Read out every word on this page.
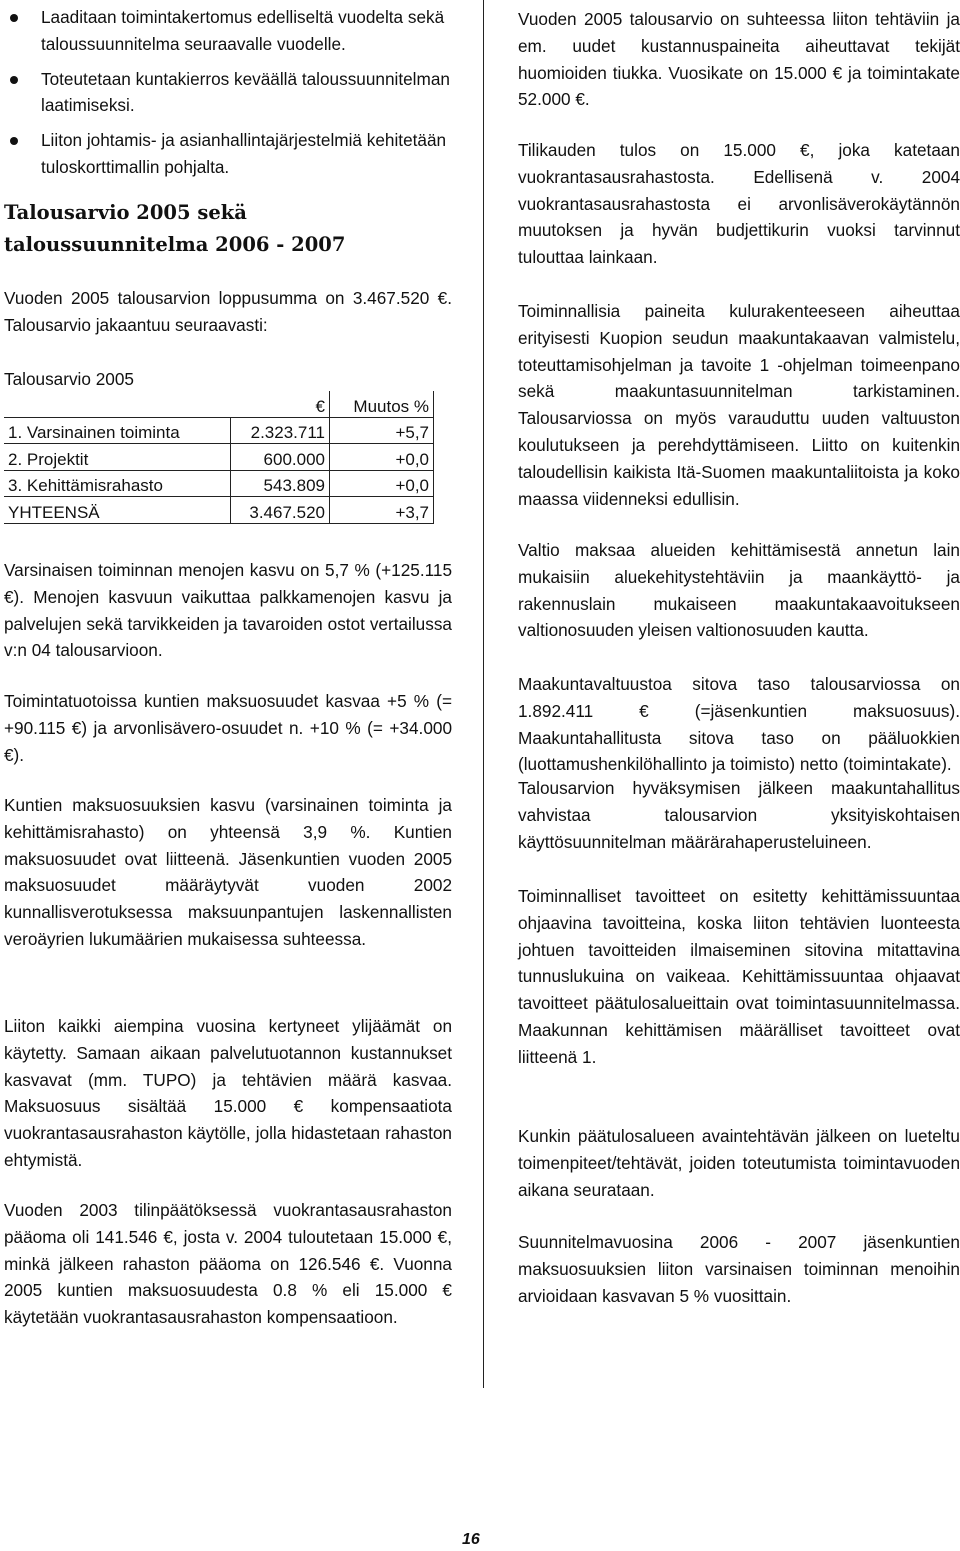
Laaditaan toimintakertomus edelliseltä vuodelta sekä taloussuunnitelma seuraavalle vuodelle.
Toteutetaan kuntakierros keväällä taloussuunnitelman laatimiseksi.
Liiton johtamis- ja asianhallintajärjestelmiä kehitetään tuloskorttimallin pohjalta.
Talousarvio 2005 sekä taloussuunnitelma 2006 - 2007

Vuoden 2005 talousarvion loppusumma on 3.467.520 €. Talousarvio jakaantuu seuraavasti:

Talousarvio 2005
	€	Muutos %
1. Varsinainen toiminta	2.323.711	+5,7
2. Projektit	600.000	+0,0
3. Kehittämisrahasto	543.809	+0,0
YHTEENSÄ	3.467.520	+3,7

Varsinaisen toiminnan menojen kasvu on 5,7 % (+125.115 €). Menojen kasvuun vaikuttaa palkkamenojen kasvu ja palvelujen sekä tarvikkeiden ja tavaroiden ostot vertailussa v:n 04 talousarvioon.

Toimintatuotoissa kuntien maksuosuudet kasvaa +5 % (= +90.115 €) ja arvonlisävero-osuudet n. +10 % (= +34.000 €).

Kuntien maksuosuuksien kasvu (varsinainen toiminta ja kehittämisrahasto) on yhteensä 3,9 %. Kuntien maksuosuudet ovat liitteenä. Jäsenkuntien vuoden 2005 maksuosuudet määräytyvät vuoden 2002 kunnallisverotuksessa maksuunpantujen laskennallisten veroäyrien lukumäärien mukaisessa suhteessa.

Liiton kaikki aiempina vuosina kertyneet ylijäämät on käytetty. Samaan aikaan palvelutuotannon kustannukset kasvavat (mm. TUPO) ja tehtävien määrä kasvaa. Maksuosuus sisältää 15.000 € kompensaatiota vuokrantasausrahaston käytölle, jolla hidastetaan rahaston ehtymistä.

Vuoden 2003 tilinpäätöksessä vuokrantasausrahaston pääoma oli 141.546 €, josta v. 2004 tuloutetaan 15.000 €, minkä jälkeen rahaston pääoma on 126.546 €. Vuonna 2005 kuntien maksuosuudesta 0.8 % eli 15.000 € käytetään vuokrantasausrahaston kompensaatioon.

Vuoden 2005 talousarvio on suhteessa liiton tehtäviin ja em. uudet kustannuspaineita aiheuttavat tekijät huomioiden tiukka. Vuosikate on 15.000 € ja toimintakate 52.000 €.

Tilikauden tulos on 15.000 €, joka katetaan vuokrantasausrahastosta. Edellisenä v. 2004 vuokrantasausrahastosta ei arvonlisäverokäytännön muutoksen ja hyvän budjettikurin vuoksi tarvinnut tulouttaa lainkaan.

Toiminnallisia paineita kulurakenteeseen aiheuttaa erityisesti Kuopion seudun maakuntakaavan valmistelu, toteuttamisohjelman ja tavoite 1 -ohjelman toimeenpano sekä maakuntasuunnitelman tarkistaminen. Talousarviossa on myös varauduttu uuden valtuuston koulutukseen ja perehdyttämiseen. Liitto on kuitenkin taloudellisin kaikista Itä-Suomen maakuntaliitoista ja koko maassa viidenneksi edullisin.

Valtio maksaa alueiden kehittämisestä annetun lain mukaisiin aluekehitystehtäviin ja maankäyttö- ja rakennuslain mukaiseen maakuntakaavoitukseen valtionosuuden yleisen valtionosuuden kautta.

Maakuntavaltuustoa sitova taso talousarviossa on 1.892.411 € (=jäsenkuntien maksuosuus). Maakuntahallitusta sitova taso on pääluokkien (luottamushenkilöhallinto ja toimisto) netto (toimintakate).

Talousarvion hyväksymisen jälkeen maakuntahallitus vahvistaa talousarvion yksityiskohtaisen käyttösuunnitelman määrärahaperusteluineen.

Toiminnalliset tavoitteet on esitetty kehittämissuuntaa ohjaavina tavoitteina, koska liiton tehtävien luonteesta johtuen tavoitteiden ilmaiseminen sitovina mitattavina tunnuslukuina on vaikeaa. Kehittämissuuntaa ohjaavat tavoitteet päätulosalueittain ovat toimintasuunnitelmassa. Maakunnan kehittämisen määrälliset tavoitteet ovat liitteenä 1.

Kunkin päätulosalueen avaintehtävän jälkeen on lueteltu toimenpiteet/tehtävät, joiden toteutumista toimintavuoden aikana seurataan.

Suunnitelmavuosina 2006 - 2007 jäsenkuntien maksuosuuksien liiton varsinaisen toiminnan menoihin arvioidaan kasvavan 5 % vuosittain.

16
